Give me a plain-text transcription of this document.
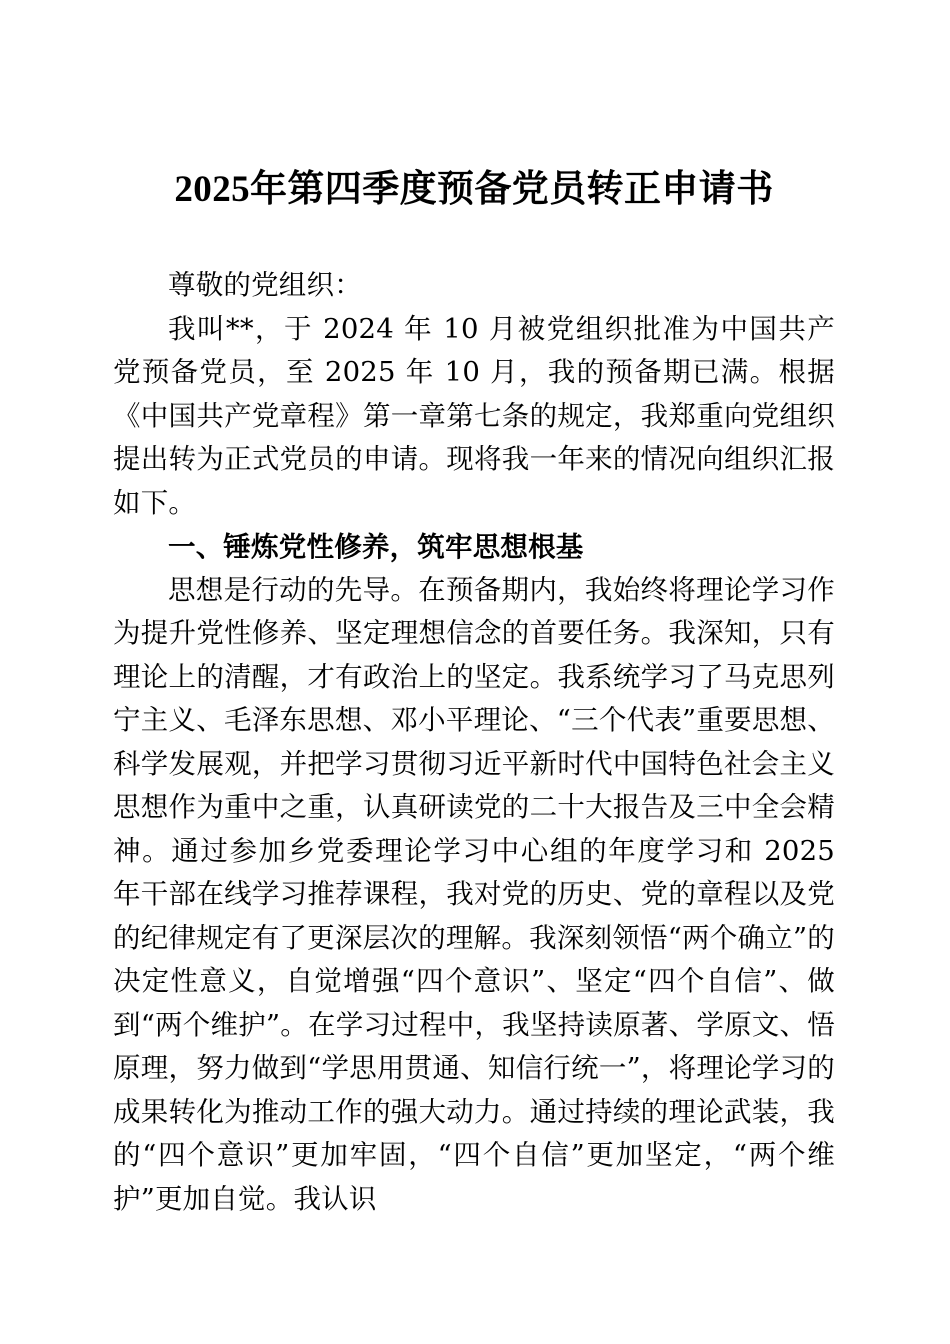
2025年第四季度预备党员转正申请书

尊敬的党组织：

我叫**，于 2024 年 10 月被党组织批准为中国共产党预备党员，至 2025 年 10 月，我的预备期已满。根据《中国共产党章程》第一章第七条的规定，我郑重向党组织提出转为正式党员的申请。现将我一年来的情况向组织汇报如下。

一、锤炼党性修养，筑牢思想根基

思想是行动的先导。在预备期内，我始终将理论学习作为提升党性修养、坚定理想信念的首要任务。我深知，只有理论上的清醒，才有政治上的坚定。我系统学习了马克思列宁主义、毛泽东思想、邓小平理论、“三个代表”重要思想、科学发展观，并把学习贯彻习近平新时代中国特色社会主义思想作为重中之重，认真研读党的二十大报告及三中全会精神。通过参加乡党委理论学习中心组的年度学习和 2025 年干部在线学习推荐课程，我对党的历史、党的章程以及党的纪律规定有了更深层次的理解。我深刻领悟“两个确立”的决定性意义，自觉增强“四个意识”、坚定“四个自信”、做到“两个维护”。在学习过程中，我坚持读原著、学原文、悟原理，努力做到“学思用贯通、知信行统一”，将理论学习的成果转化为推动工作的强大动力。通过持续的理论武装，我的“四个意识”更加牢固，“四个自信”更加坚定，“两个维护”更加自觉。我认识
